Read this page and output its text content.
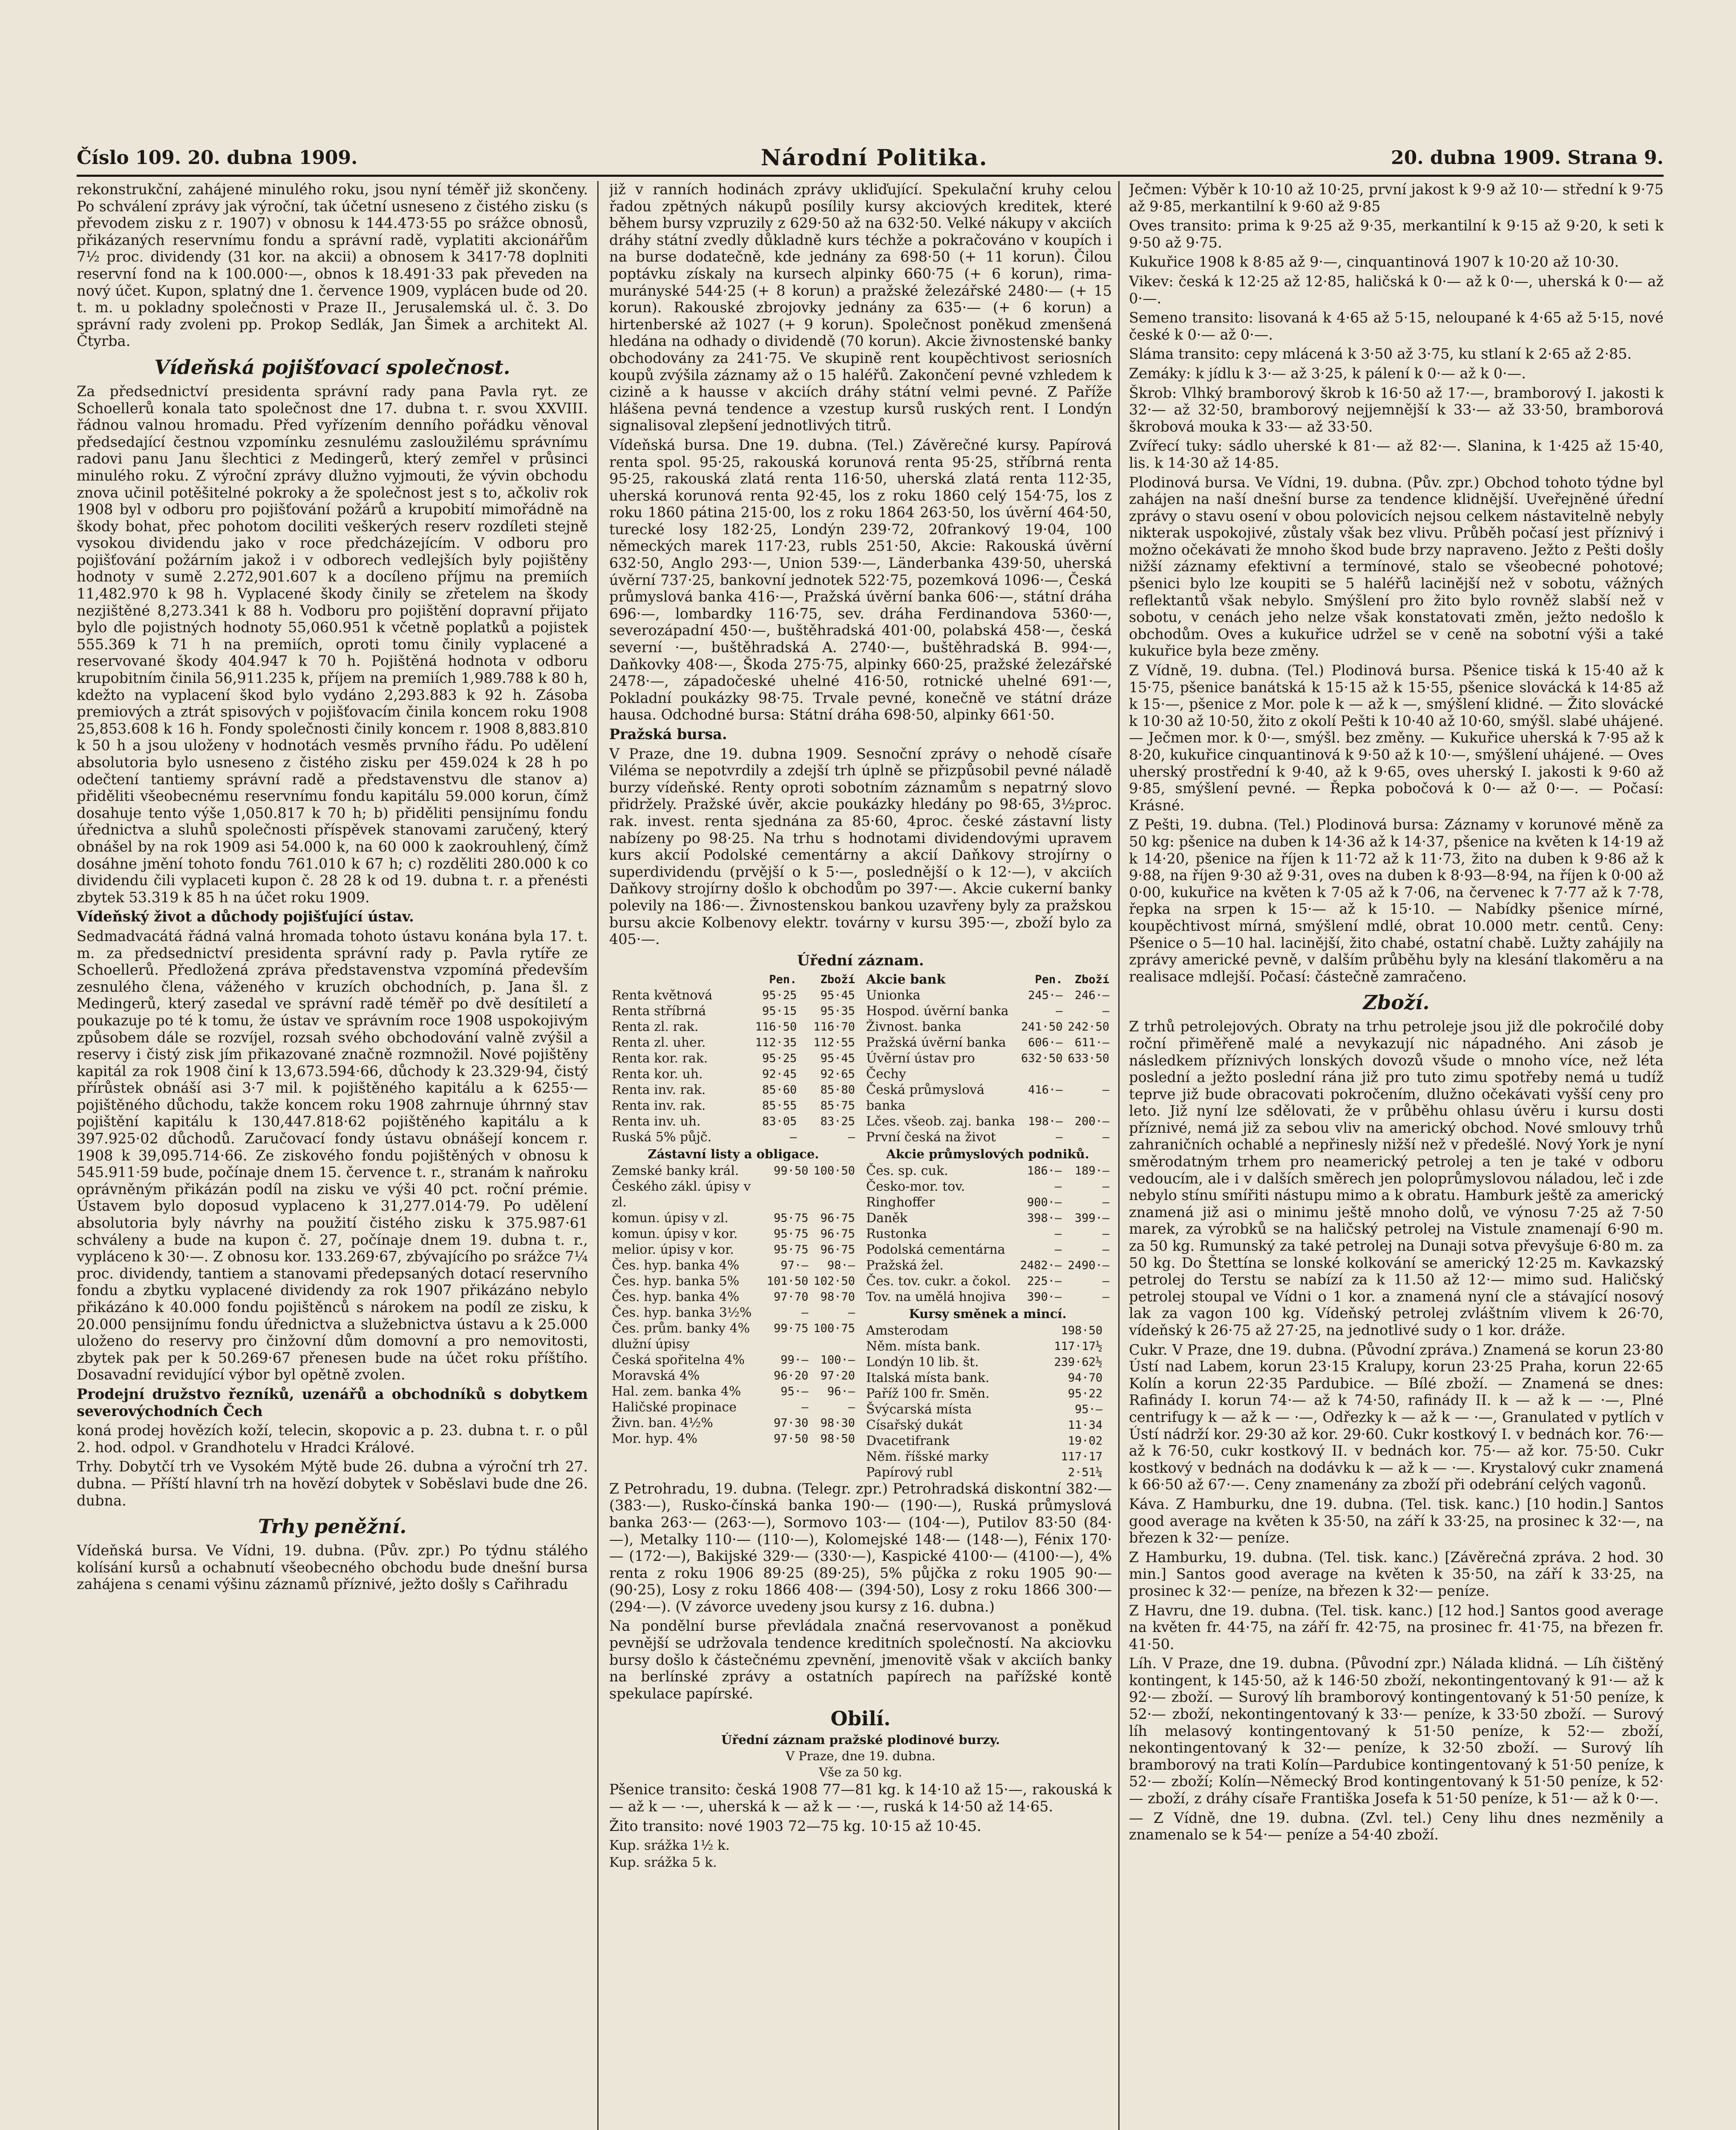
Číslo 109. 20. dubna 1909.	Národní Politika.	20. dubna 1909. Strana 9.

rekonstrukční, zahájené minulého roku, jsou nyní téměř již skončeny. Po schválení zprávy jak výroční, tak účetní usneseno z čistého zisku (s převodem zisku z r. 1907) v obnosu k 144.473·55 po srážce obnosů, přikázaných reservnímu fondu a správní radě, vyplatiti akcionářům 7½ proc. dividendy (31 kor. na akcii) a obnosem k 3417·78 doplniti reservní fond na k 100.000·—, obnos k 18.491·33 pak převeden na nový účet. Kupon, splatný dne 1. července 1909, vyplácen bude od 20. t. m. u pokladny společnosti v Praze II., Jerusalemská ul. č. 3. Do správní rady zvoleni pp. Prokop Sedlák, Jan Šimek a architekt Al. Čtyrba.

Vídeňská pojišťovací společnost.

Za předsednictví presidenta správní rady pana Pavla ryt. ze Schoellerů konala tato společnost dne 17. dubna t. r. svou XXVIII. řádnou valnou hromadu. Před vyřízením denního pořádku věnoval předsedající čestnou vzpomínku zesnulému zasloužilému správnímu radovi panu Janu šlechtici z Medingerů, který zemřel v průsinci minulého roku. Z výroční zprávy dlužno vyjmouti, že vývin obchodu znova učinil potěšitelné pokroky a že společnost jest s to, ačkoliv rok 1908 byl v odboru pro pojišťování požárů a krupobití mimořádně na škody bohat, přec pohotom dociliti veškerých reserv rozdíleti stejně vysokou dividendu jako v roce předcházejícím. V odboru pro pojišťování požárním jakož i v odborech vedlejších byly pojištěny hodnoty v sumě 2.272,901.607 k a docíleno příjmu na premiích 11,482.970 k 98 h. Vyplacené škody činily se zřetelem na škody nezjištěné 8,273.341 k 88 h. Vodboru pro pojištění dopravní přijato bylo dle pojistných hodnoty 55,060.951 k včetně poplatků a pojistek 555.369 k 71 h na premiích, oproti tomu činily vyplacené a reservované škody 404.947 k 70 h. Pojištěná hodnota v odboru krupobitním činila 56,911.235 k, příjem na premiích 1,989.788 k 80 h, kdežto na vyplacení škod bylo vydáno 2,293.883 k 92 h. Zásoba premiových a ztrát spisových v pojišťovacím činila koncem roku 1908 25,853.608 k 16 h. Fondy společnosti činily koncem r. 1908 8,883.810 k 50 h a jsou uloženy v hodnotách vesměs prvního řádu. Po udělení absolutoria bylo usneseno z čistého zisku per 459.024 k 28 h po odečtení tantiemy správní radě a představenstvu dle stanov a) přiděliti všeobecnému reservnímu fondu kapitálu 59.000 korun, čímž dosahuje tento výše 1,050.817 k 70 h; b) přiděliti pensijnímu fondu úřednictva a sluhů společnosti příspěvek stanovami zaručený, který obnášel by na rok 1909 asi 54.000 k, na 60 000 k zaokrouhlený, čímž dosáhne jmění tohoto fondu 761.010 k 67 h; c) rozděliti 280.000 k co dividendu čili vyplaceti kupon č. 28 28 k od 19. dubna t. r. a přenésti zbytek 53.319 k 85 h na účet roku 1909.

Vídeňský život a důchody pojišťující ústav.

Sedmadvacátá řádná valná hromada tohoto ústavu konána byla 17. t. m. za předsednictví presidenta správní rady p. Pavla rytíře ze Schoellerů. Předložená zpráva představenstva vzpomíná především zesnulého člena, váženého v kruzích obchodních, p. Jana šl. z Medingerů, který zasedal ve správní radě téměř po dvě desítiletí a poukazuje po té k tomu, že ústav ve správním roce 1908 uspokojivým způsobem dále se rozvíjel, rozsah svého obchodování valně zvýšil a reservy i čistý zisk jím přikazované značně rozmnožil. Nové pojištěny kapitál za rok 1908 činí k 13,673.594·66, důchody k 23.329·94, čistý přírůstek obnáší asi 3·7 mil. k pojištěného kapitálu a k 6255·— pojištěného důchodu, takže koncem roku 1908 zahrnuje úhrnný stav pojištění kapitálu k 130,447.818·62 pojištěného kapitálu a k 397.925·02 důchodů. Zaručovací fondy ústavu obnášejí koncem r. 1908 k 39,095.714·66. Ze ziskového fondu pojištěných v obnosu k 545.911·59 bude, počínaje dnem 15. července t. r., stranám k naňroku oprávněným přikázán podíl na zisku ve výši 40 pct. roční prémie. Ústavem bylo doposud vyplaceno k 31,277.014·79. Po udělení absolutoria byly návrhy na použití čistého zisku k 375.987·61 schváleny a bude na kupon č. 27, počínaje dnem 19. dubna t. r., vypláceno k 30·—. Z obnosu kor. 133.269·67, zbývajícího po srážce 7¼ proc. dividendy, tantiem a stanovami předepsaných dotací reservního fondu a zbytku vyplacené dividendy za rok 1907 přikázáno nebylo přikázáno k 40.000 fondu pojištěnců s nárokem na podíl ze zisku, k 20.000 pensijnímu fondu úřednictva a služebnictva ústavu a k 25.000 uloženo do reservy pro činžovní dům domovní a pro nemovitosti, zbytek pak per k 50.269·67 přenesen bude na účet roku příštího. Dosavadní revidující výbor byl opětně zvolen.

Prodejní družstvo řezníků, uzenářů a obchodníků s dobytkem severovýchodních Čech

koná prodej hovězích koží, telecin, skopovic a p. 23. dubna t. r. o půl 2. hod. odpol. v Grandhotelu v Hradci Králové.

Trhy. Dobytčí trh ve Vysokém Mýtě bude 26. dubna a výroční trh 27. dubna. — Příští hlavní trh na hovězí dobytek v Soběslavi bude dne 26. dubna.

Trhy peněžní.

Vídeňská bursa. Ve Vídni, 19. dubna. (Pův. zpr.) Po týdnu stálého kolísání kursů a ochabnutí všeobecného obchodu bude dnešní bursa zahájena s cenami výšinu záznamů příznivé, ježto došly s Cařihradu

již v ranních hodinách zprávy ukliďující. Spekulační kruhy celou řadou zpětných nákupů posílily kursy akciových kreditek, které během bursy vzpruzily z 629·50 až na 632·50. Velké nákupy v akciích dráhy státní zvedly důkladně kurs téchže a pokračováno v koupích i na burse dodatečně, kde jednány za 698·50 (+ 11 korun). Čilou poptávku získaly na kursech alpinky 660·75 (+ 6 korun), rima-murányské 544·25 (+ 8 korun) a pražské železářské 2480·— (+ 15 korun). Rakouské zbrojovky jednány za 635·— (+ 6 korun) a hirtenberské až 1027 (+ 9 korun). Společnost poněkud zmenšená hledána na odhady o dividendě (70 korun). Akcie živnostenské banky obchodovány za 241·75. Ve skupině rent koupěchtivost seriosních koupů zvýšila záznamy až o 15 haléřů. Zakončení pevné vzhledem k cizině a k hausse v akciích dráhy státní velmi pevné. Z Paříže hlášena pevná tendence a vzestup kursů ruských rent. I Londýn signalisoval zlepšení jednotlivých titrů.

Vídeňská bursa. Dne 19. dubna. (Tel.) Závěrečné kursy. Papírová renta spol. 95·25, rakouská korunová renta 95·25, stříbrná renta 95·25, rakouská zlatá renta 116·50, uherská zlatá renta 112·35, uherská korunová renta 92·45, los z roku 1860 celý 154·75, los z roku 1860 pátina 215·00, los z roku 1864 263·50, los úvěrní 464·50, turecké losy 182·25, Londýn 239·72, 20frankový 19·04, 100 německých marek 117·23, rubls 251·50, Akcie: Rakouská úvěrní 632·50, Anglo 293·—, Union 539·—, Länderbanka 439·50, uherská úvěrní 737·25, bankovní jednotek 522·75, pozemková 1096·—, Česká průmyslová banka 416·—, Pražská úvěrní banka 606·—, státní dráha 696·—, lombardky 116·75, sev. dráha Ferdinandova 5360·—, severozápadní 450·—, buštěhradská 401·00, polabská 458·—, česká severní ·—, buštěhradská A. 2740·—, buštěhradská B. 994·—, Daňkovky 408·—, Škoda 275·75, alpinky 660·25, pražské železářské 2478·—, západočeské uhelné 416·50, rotnické uhelné 691·—, Pokladní poukázky 98·75. Trvale pevné, konečně ve státní dráze hausa. Odchodné bursa: Státní dráha 698·50, alpinky 661·50.

Pražská bursa.

V Praze, dne 19. dubna 1909. Sesnoční zprávy o nehodě císaře Viléma se nepotvrdily a zdejší trh úplně se přizpůsobil pevné náladě burzy vídeňské. Renty oproti sobotním záznamům s nepatrný slovo přidržely. Pražské úvěr, akcie poukázky hledány po 98·65, 3½proc. rak. invest. renta sjednána za 85·60, 4proc. české zástavní listy nabízeny po 98·25. Na trhu s hodnotami dividendovými upravem kurs akcií Podolské cementárny a akcií Daňkovy strojírny o superdividendu (prvější o k 5·—, poslednější o k 12·—), v akciích Daňkovy strojírny došlo k obchodům po 397·—. Akcie cukerní banky polevily na 186·—. Živnostenskou bankou uzavřeny byly za pražskou bursu akcie Kolbenovy elektr. továrny v kursu 395·—, zboží bylo za 405·—.

Úřední záznam.
	Pen.	Zboží
Renta květnová	95·25	95·45
Renta stříbrná	95·15	95·35
Renta zl. rak.	116·50	116·70
Renta zl. uher.	112·35	112·55
Renta kor. rak.	95·25	95·45
Renta kor. uh.	92·45	92·65
Renta inv. rak.	85·60	85·80
Renta inv. rak.	85·55	85·75
Renta inv. uh.	83·05	83·25
Ruská 5% půjč.	—	—
Zástavní listy a obligace.
Zemské banky král. Českého zákl. úpisy v zl.	99·50	100·50
komun. úpisy v zl.	95·75	96·75
komun. úpisy v kor.	95·75	96·75
melior. úpisy v kor.	95·75	96·75
Čes. hyp. banka 4%	97·—	98·—
Čes. hyp. banka 5%	101·50	102·50
Čes. hyp. banka 4%	97·70	98·70
Čes. hyp. banka 3½%	—	—
Čes. prům. banky 4% dlužní úpisy	99·75	100·75
Česká spořitelna 4%	99·—	100·—
Moravská 4%	96·20	97·20
Hal. zem. banka 4%	95·—	96·—
Haličské propinace	—	—
Živn. ban. 4½%	97·30	98·30
Mor. hyp. 4%	97·50	98·50
Akcie bank	Pen.	Zboží
Unionka	245·—	246·—
Hospod. úvěrní banka	—	—
Živnost. banka	241·50	242·50
Pražská úvěrní banka	606·—	611·—
Úvěrní ústav pro Čechy	632·50	633·50
Česká průmyslová banka	416·—	—
Lčes. všeob. zaj. banka	198·—	200·—
První česká na život	—	—
Akcie průmyslových podniků.
Čes. sp. cuk.	186·—	189·—
Česko-mor. tov.	—	—
Ringhoffer	900·—	—
Daněk	398·—	399·—
Rustonka	—	—
Podolská cementárna	—	—
Pražská žel.	2482·—	2490·—
Čes. tov. cukr. a čokol.	225·—	—
Tov. na umělá hnojiva	390·—	—
Kursy směnek a mincí.
Amsterodam	198·50	
Něm. místa bank.	117·17½	
Londýn 10 lib. št.	239·62½	
Italská místa bank.	94·70	
Paříž 100 fr. Směn.	95·22	
Švýcarská místa	95·—	
Císařský dukát	11·34	
Dvacetifrank	19·02	
Něm. říšské marky	117·17	
Papírový rubl	2·51¼	

Z Petrohradu, 19. dubna. (Telegr. zpr.) Petrohradská diskontní 382·— (383·—), Rusko-čínská banka 190·— (190·—), Ruská průmyslová banka 263·— (263·—), Sormovo 103·— (104·—), Putilov 83·50 (84·—), Metalky 110·— (110·—), Kolomejské 148·— (148·—), Fénix 170·— (172·—), Bakijské 329·— (330·—), Kaspické 4100·— (4100·—), 4% renta z roku 1906 89·25 (89·25), 5% půjčka z roku 1905 90·— (90·25), Losy z roku 1866 408·— (394·50), Losy z roku 1866 300·— (294·—). (V závorce uvedeny jsou kursy z 16. dubna.)

Na pondělní burse převládala značná reservovanost a poněkud pevnější se udržovala tendence kreditních společností. Na akciovku bursy došlo k částečnému zpevnění, jmenovitě však v akciích banky na berlínské zprávy a ostatních papírech na pařížské kontě spekulace papírské.

Obilí.
Úřední záznam pražské plodinové burzy.
V Praze, dne 19. dubna.
Vše za 50 kg.

Pšenice transito: česká 1908 77—81 kg. k 14·10 až 15·—, rakouská k — až k — ·—, uherská k — až k — ·—, ruská k 14·50 až 14·65.

Žito transito: nové 1903 72—75 kg. 10·15 až 10·45.

Kup. srážka 1½ k.
Kup. srážka 5 k.

Ječmen: Výběr k 10·10 až 10·25, první jakost k 9·9 až 10·— střední k 9·75 až 9·85, merkantilní k 9·60 až 9·85

Oves transito: prima k 9·25 až 9·35, merkantilní k 9·15 až 9·20, k seti k 9·50 až 9·75.

Kukuřice 1908 k 8·85 až 9·—, cinquantinová 1907 k 10·20 až 10·30.

Vikev: česká k 12·25 až 12·85, haličská k 0·— až k 0·—, uherská k 0·— až 0·—.

Semeno transito: lisovaná k 4·65 až 5·15, neloupané k 4·65 až 5·15, nové české k 0·— až 0·—.

Sláma transito: cepy mlácená k 3·50 až 3·75, ku stlaní k 2·65 až 2·85.

Zemáky: k jídlu k 3·— až 3·25, k pálení k 0·— až k 0·—.

Škrob: Vlhký bramborový škrob k 16·50 až 17·—, bramborový I. jakosti k 32·— až 32·50, bramborový nejjemnější k 33·— až 33·50, bramborová škrobová mouka k 33·— až 33·50.

Zvířecí tuky: sádlo uherské k 81·— až 82·—. Slanina, k 1·425 až 15·40, lis. k 14·30 až 14·85.

Plodinová bursa. Ve Vídni, 19. dubna. (Pův. zpr.) Obchod tohoto týdne byl zahájen na naší dnešní burse za tendence klidnější. Uveřejněné úřední zprávy o stavu osení v obou polovicích nejsou celkem nástavitelně nebyly nikterak uspokojivé, zůstaly však bez vlivu. Průběh počasí jest příznivý i možno očekávati že mnoho škod bude brzy napraveno. Ježto z Pešti došly nižší záznamy efektivní a termínové, stalo se všeobecné pohotové; pšenici bylo lze koupiti se 5 haléřů lacinější než v sobotu, vážných reflektantů však nebylo. Smýšlení pro žito bylo rovněž slabší než v sobotu, v cenách jeho nelze však konstatovati změn, ježto nedošlo k obchodům. Oves a kukuřice udržel se v ceně na sobotní výši a také kukuřice byla beze změny.

Z Vídně, 19. dubna. (Tel.) Plodinová bursa. Pšenice tiská k 15·40 až k 15·75, pšenice banátská k 15·15 až k 15·55, pšenice slovácká k 14·85 až k 15·—, pšenice z Mor. pole k — až k —, smýšlení klidné. — Žito slovácké k 10·30 až 10·50, žito z okolí Pešti k 10·40 až 10·60, smýšl. slabé uhájené. — Ječmen mor. k 0·—, smýšl. bez změny. — Kukuřice uherská k 7·95 až k 8·20, kukuřice cinquantinová k 9·50 až k 10·—, smýšlení uhájené. — Oves uherský prostřední k 9·40, až k 9·65, oves uherský I. jakosti k 9·60 až 9·85, smýšlení pevné. — Řepka pobočová k 0·— až 0·—. — Počasí: Krásné.

Z Pešti, 19. dubna. (Tel.) Plodinová bursa: Záznamy v korunové měně za 50 kg: pšenice na duben k 14·36 až k 14·37, pšenice na květen k 14·19 až k 14·20, pšenice na říjen k 11·72 až k 11·73, žito na duben k 9·86 až k 9·88, na říjen 9·30 až 9·31, oves na duben k 8·93—8·94, na říjen k 0·00 až 0·00, kukuřice na květen k 7·05 až k 7·06, na červenec k 7·77 až k 7·78, řepka na srpen k 15·— až k 15·10. — Nabídky pšenice mírné, koupěchtivost mírná, smýšlení mdlé, obrat 10.000 metr. centů. Ceny: Pšenice o 5—10 hal. lacinější, žito chabé, ostatní chabě. Lužty zahájily na zprávy americké pevně, v dalším průběhu byly na klesání tlakoměru a na realisace mdlejší. Počasí: částečně zamračeno.

Zboží.

Z trhů petrolejových. Obraty na trhu petroleje jsou již dle pokročilé doby roční přiměřeně malé a nevykazují nic nápadného. Ani zásob je následkem příznivých lonských dovozů všude o mnoho více, než léta poslední a ježto poslední rána již pro tuto zimu spotřeby nemá u tudíž teprve již bude obracovati pokročením, dlužno očekávati vyšší ceny pro leto. Již nyní lze sdělovati, že v průběhu ohlasu úvěru i kursu dosti příznivé, nemá již za sebou vliv na americký obchod. Nové smlouvy trhů zahraničních ochablé a nepřinesly nižší než v předešlé. Nový York je nyní směrodatným trhem pro neamerický petrolej a ten je také v odboru vedoucím, ale i v dalších směrech jen poloprůmyslovou náladou, leč i zde nebylo stínu smířiti nástupu mimo a k obratu. Hamburk ještě za americký znamená již asi o minimu ještě mnoho dolů, ve výnosu 7·25 až 7·50 marek, za výrobků se na haličský petrolej na Vistule znamenají 6·90 m. za 50 kg. Rumunský za také petrolej na Dunaji sotva převyšuje 6·80 m. za 50 kg. Do Štettína se lonské kolkování se americký 12·25 m. Kavkazský petrolej do Terstu se nabízí za k 11.50 až 12·— mimo sud. Haličský petrolej stoupal ve Vídni o 1 kor. a znamená nyní cle a stávající nosový lak za vagon 100 kg. Vídeňský petrolej zvláštním vlivem k 26·70, vídeňský k 26·75 až 27·25, na jednotlivé sudy o 1 kor. dráže.

Cukr. V Praze, dne 19. dubna. (Původní zpráva.) Znamená se korun 23·80 Ústí nad Labem, korun 23·15 Kralupy, korun 23·25 Praha, korun 22·65 Kolín a korun 22·35 Pardubice. — Bílé zboží. — Znamená se dnes: Rafinády I. korun 74·— až k 74·50, rafinády II. k — až k — ·—, Plné centrifugy k — až k — ·—, Odřezky k — až k — ·—, Granulated v pytlích v Ústí nádrží kor. 29·30 až kor. 29·60. Cukr kostkový I. v bednách kor. 76·— až k 76·50, cukr kostkový II. v bednách kor. 75·— až kor. 75·50. Cukr kostkový v bednách na dodávku k — až k — ·—. Krystalový cukr znamená k 66·50 až 67·—. Ceny znamenány za zboží při odebrání celých vagonů.

Káva. Z Hamburku, dne 19. dubna. (Tel. tisk. kanc.) [10 hodin.] Santos good average na květen k 35·50, na září k 33·25, na prosinec k 32·—, na březen k 32·— peníze.

Z Hamburku, 19. dubna. (Tel. tisk. kanc.) [Závěrečná zpráva. 2 hod. 30 min.] Santos good average na květen k 35·50, na září k 33·25, na prosinec k 32·— peníze, na březen k 32·— peníze.

Z Havru, dne 19. dubna. (Tel. tisk. kanc.) [12 hod.] Santos good average na květen fr. 44·75, na září fr. 42·75, na prosinec fr. 41·75, na březen fr. 41·50.

Líh. V Praze, dne 19. dubna. (Původní zpr.) Nálada klidná. — Líh čištěný kontingent, k 145·50, až k 146·50 zboží, nekontingentovaný k 91·— až k 92·— zboží. — Surový líh bramborový kontingentovaný k 51·50 peníze, k 52·— zboží, nekontingentovaný k 33·— peníze, k 33·50 zboží. — Surový líh melasový kontingentovaný k 51·50 peníze, k 52·— zboží, nekontingentovaný k 32·— peníze, k 32·50 zboží. — Surový líh bramborový na trati Kolín—Pardubice kontingentovaný k 51·50 peníze, k 52·— zboží; Kolín—Německý Brod kontingentovaný k 51·50 peníze, k 52·— zboží, z dráhy císaře Františka Josefa k 51·50 peníze, k 51·— až k 0·—.

— Z Vídně, dne 19. dubna. (Zvl. tel.) Ceny lihu dnes nezměnily a znamenalo se k 54·— peníze a 54·40 zboží.
